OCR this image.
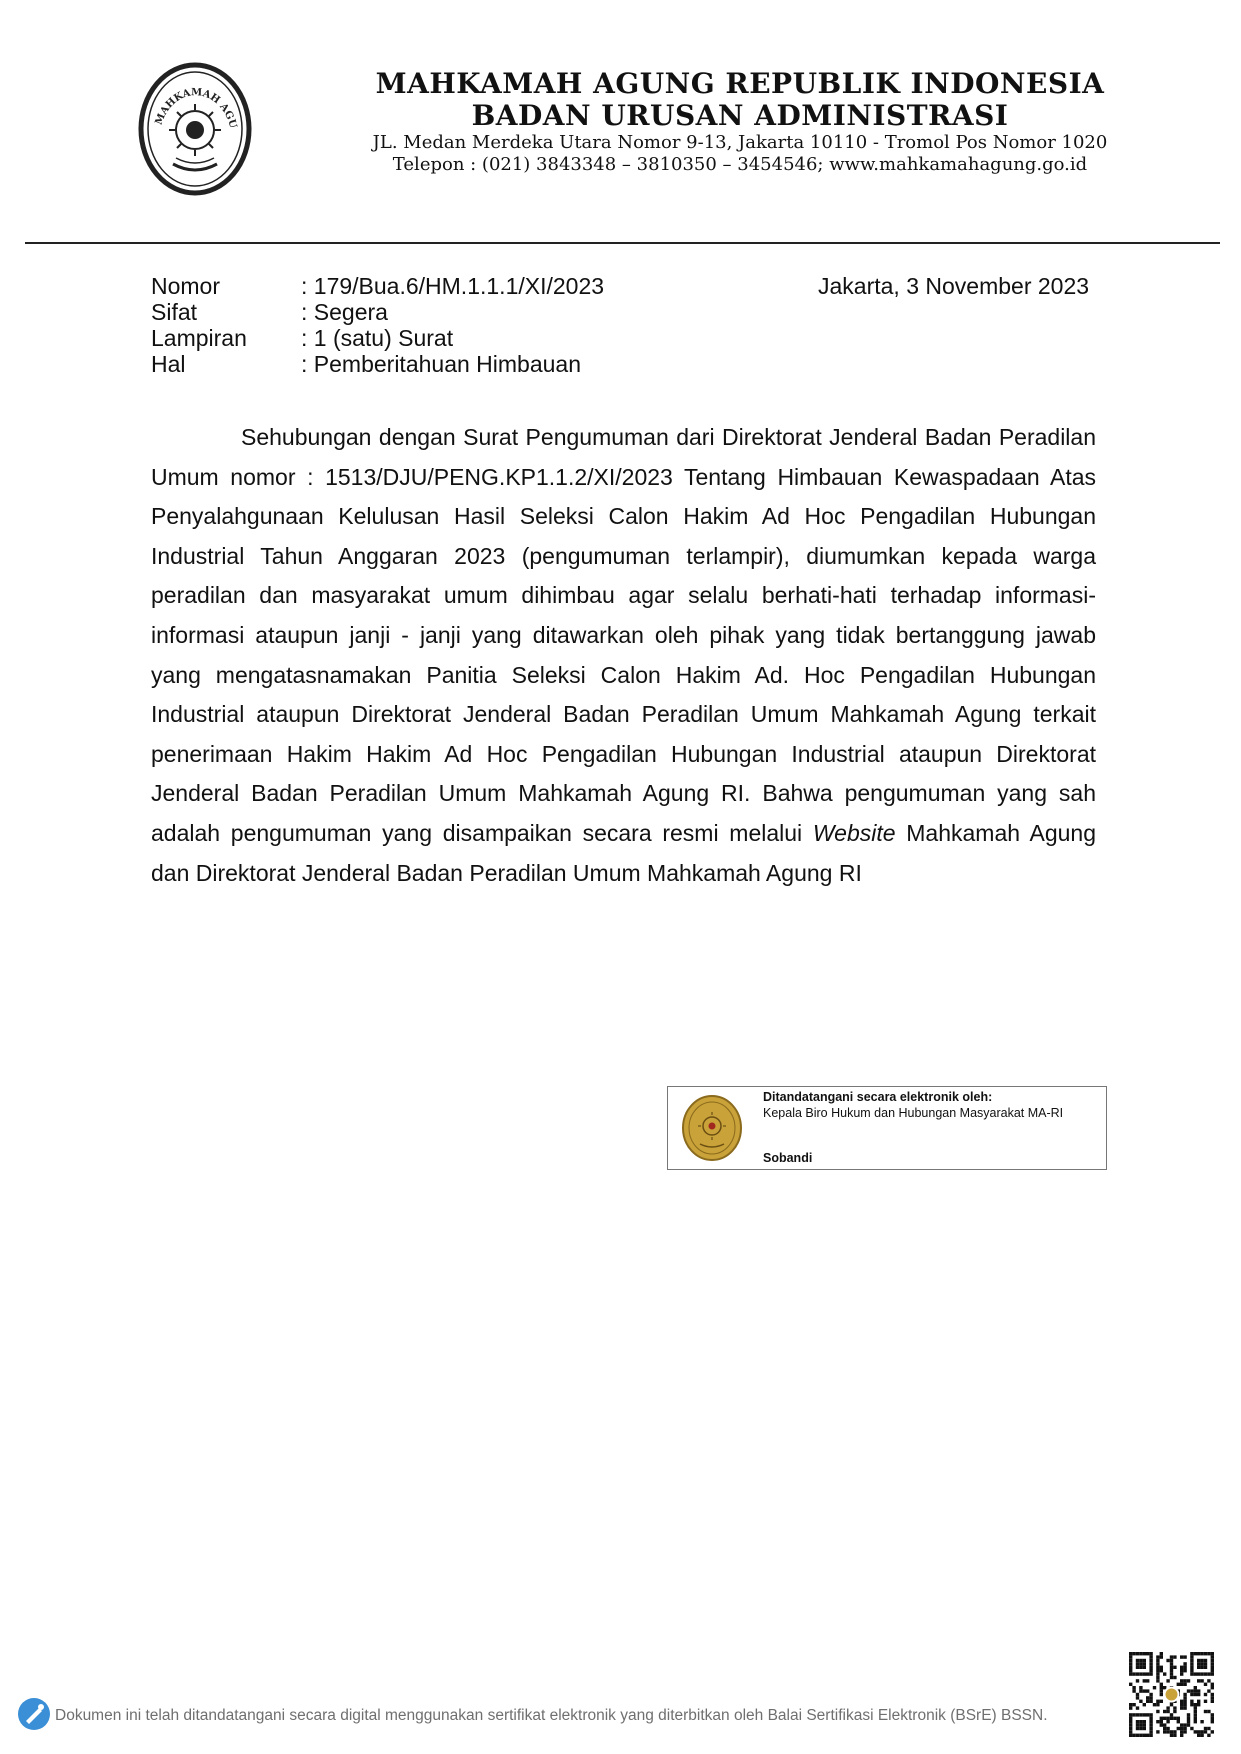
MAHKAMAH AGU
MAHKAMAH AGUNG REPUBLIK INDONESIA
BADAN URUSAN ADMINISTRASI
JL. Medan Merdeka Utara Nomor 9-13, Jakarta 10110 - Tromol Pos Nomor 1020
Telepon : (021) 3843348 – 3810350 – 3454546; www.mahkamahagung.go.id
Nomor	: 179/Bua.6/HM.1.1.1/XI/2023
Sifat	: Segera
Lampiran	: 1 (satu) Surat
Hal	: Pemberitahuan Himbauan
Jakarta, 3 November 2023

Sehubungan dengan Surat Pengumuman dari Direktorat Jenderal Badan Peradilan Umum nomor : 1513/DJU/PENG.KP1.1.2/XI/2023 Tentang Himbauan Kewaspadaan Atas Penyalahgunaan Kelulusan Hasil Seleksi Calon Hakim Ad Hoc Pengadilan Hubungan Industrial Tahun Anggaran 2023 (pengumuman terlampir), diumumkan kepada warga peradilan dan masyarakat umum dihimbau agar selalu berhati-hati terhadap informasi-informasi ataupun janji - janji yang ditawarkan oleh pihak yang tidak bertanggung jawab yang mengatasnamakan Panitia Seleksi Calon Hakim Ad. Hoc Pengadilan Hubungan Industrial ataupun Direktorat Jenderal Badan Peradilan Umum Mahkamah Agung terkait penerimaan Hakim Hakim Ad Hoc Pengadilan Hubungan Industrial ataupun Direktorat Jenderal Badan Peradilan Umum Mahkamah Agung RI. Bahwa pengumuman yang sah adalah pengumuman yang disampaikan secara resmi melalui Website Mahkamah Agung dan Direktorat Jenderal Badan Peradilan Umum Mahkamah Agung RI

Ditandatangani secara elektronik oleh:
Kepala Biro Hukum dan Hubungan Masyarakat MA-RI
Sobandi
Dokumen ini telah ditandatangani secara digital menggunakan sertifikat elektronik yang diterbitkan oleh Balai Sertifikasi Elektronik (BSrE) BSSN.
